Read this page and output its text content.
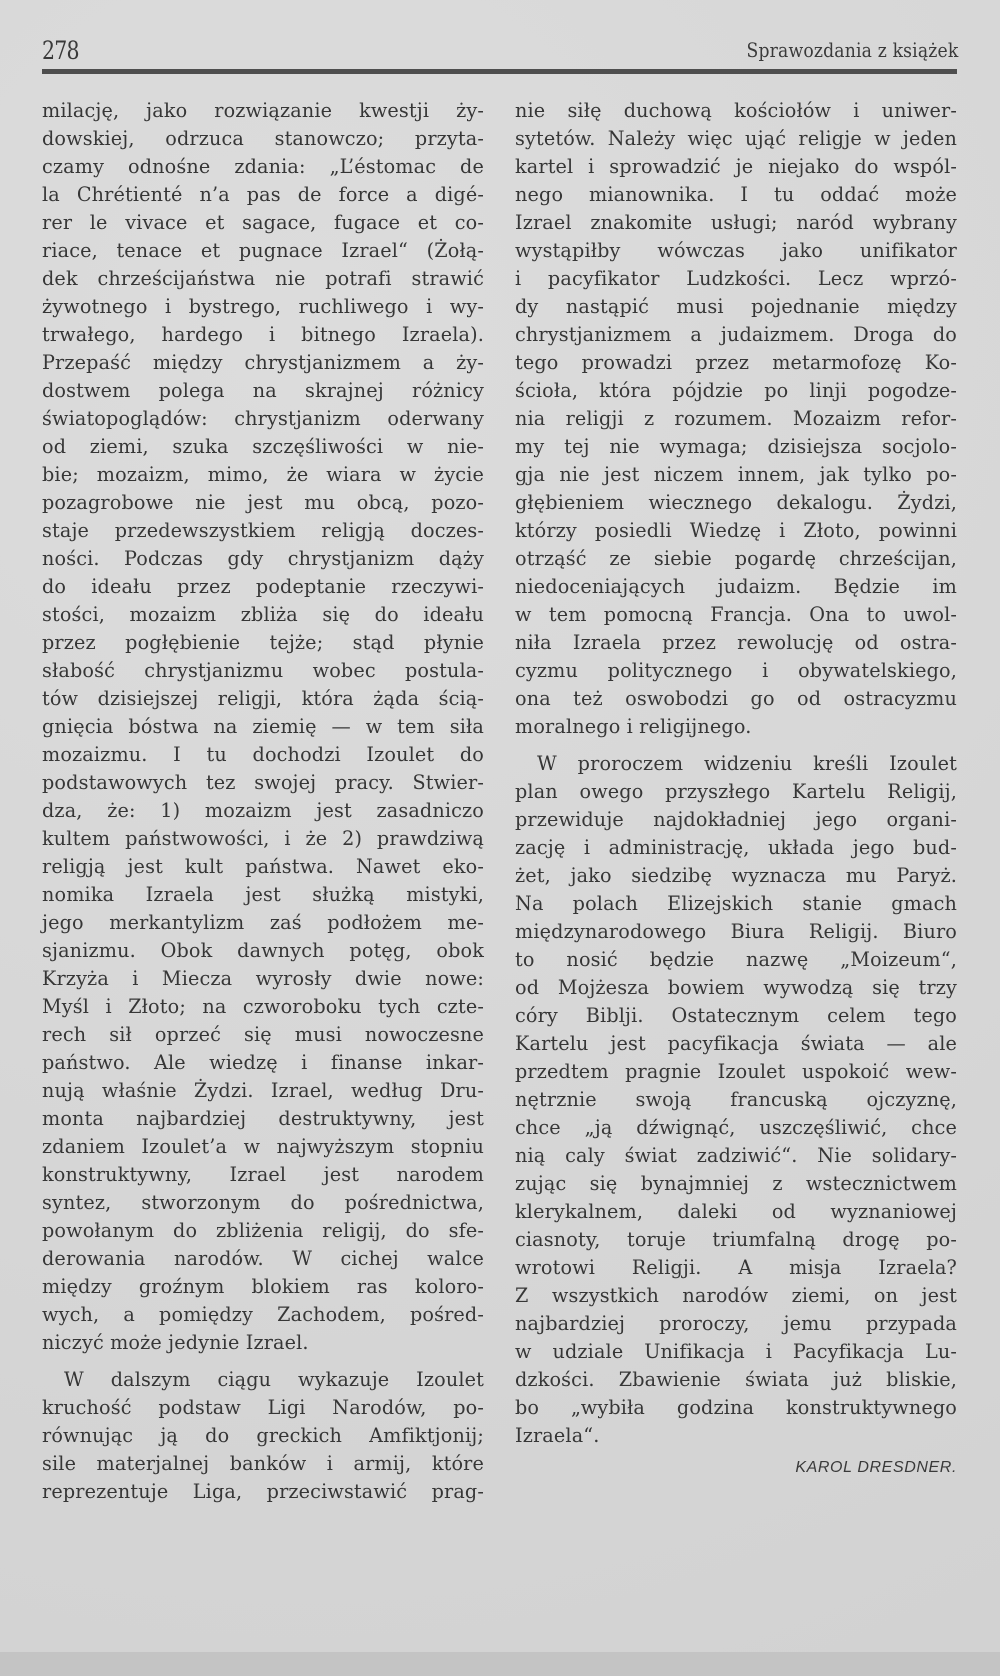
278	Sprawozdania z książek
milację, jako rozwiązanie kwestji ży-
dowskiej, odrzuca stanowczo; przyta-
czamy odnośne zdania: „L’éstomac de
la Chrétienté n’a pas de force a digé-
rer le vivace et sagace, fugace et co-
riace, tenace et pugnace Izrael“ (Żołą-
dek chrześcijaństwa nie potrafi strawić
żywotnego i bystrego, ruchliwego i wy-
trwałego, hardego i bitnego Izraela).
Przepaść między chrystjanizmem a ży-
dostwem polega na skrajnej różnicy
światopoglądów: chrystjanizm oderwany
od ziemi, szuka szczęśliwości w nie-
bie; mozaizm, mimo, że wiara w życie
pozagrobowe nie jest mu obcą, pozo-
staje przedewszystkiem religją doczes-
ności. Podczas gdy chrystjanizm dąży
do ideału przez podeptanie rzeczywi-
stości, mozaizm zbliża się do ideału
przez pogłębienie tejże; stąd płynie
słabość chrystjanizmu wobec postula-
tów dzisiejszej religji, która żąda ścią-
gnięcia bóstwa na ziemię — w tem siła
mozaizmu. I tu dochodzi Izoulet do
podstawowych tez swojej pracy. Stwier-
dza, że: 1) mozaizm jest zasadniczo
kultem państwowości, i że 2) prawdziwą
religją jest kult państwa. Nawet eko-
nomika Izraela jest służką mistyki,
jego merkantylizm zaś podłożem me-
sjanizmu. Obok dawnych potęg, obok
Krzyża i Miecza wyrosły dwie nowe:
Myśl i Złoto; na czworoboku tych czte-
rech sił oprzeć się musi nowoczesne
państwo. Ale wiedzę i finanse inkar-
nują właśnie Żydzi. Izrael, według Dru-
monta najbardziej destruktywny, jest
zdaniem Izoulet’a w najwyższym stopniu
konstruktywny, Izrael jest narodem
syntez, stworzonym do pośrednictwa,
powołanym do zbliżenia religij, do sfe-
derowania narodów. W cichej walce
między groźnym blokiem ras koloro-
wych, a pomiędzy Zachodem, pośred-
niczyć może jedynie Izrael.
W dalszym ciągu wykazuje Izoulet
kruchość podstaw Ligi Narodów, po-
równując ją do greckich Amfiktjonij;
sile materjalnej banków i armij, które
reprezentuje Liga, przeciwstawić prag-
nie siłę duchową kościołów i uniwer-
sytetów. Należy więc ująć religje w jeden
kartel i sprowadzić je niejako do wspól-
nego mianownika. I tu oddać może
Izrael znakomite usługi; naród wybrany
wystąpiłby wówczas jako unifikator
i pacyfikator Ludzkości. Lecz wprzó-
dy nastąpić musi pojednanie między
chrystjanizmem a judaizmem. Droga do
tego prowadzi przez metarmofozę Ko-
ścioła, która pójdzie po linji pogodze-
nia religji z rozumem. Mozaizm refor-
my tej nie wymaga; dzisiejsza socjolo-
gja nie jest niczem innem, jak tylko po-
głębieniem wiecznego dekalogu. Żydzi,
którzy posiedli Wiedzę i Złoto, powinni
otrząść ze siebie pogardę chrześcijan,
niedoceniających judaizm. Będzie im
w tem pomocną Francja. Ona to uwol-
niła Izraela przez rewolucję od ostra-
cyzmu politycznego i obywatelskiego,
ona też oswobodzi go od ostracyzmu
moralnego i religijnego.
W proroczem widzeniu kreśli Izoulet
plan owego przyszłego Kartelu Religij,
przewiduje najdokładniej jego organi-
zację i administrację, układa jego bud-
żet, jako siedzibę wyznacza mu Paryż.
Na polach Elizejskich stanie gmach
międzynarodowego Biura Religij. Biuro
to nosić będzie nazwę „Moizeum“,
od Mojżesza bowiem wywodzą się trzy
córy Biblji. Ostatecznym celem tego
Kartelu jest pacyfikacja świata — ale
przedtem pragnie Izoulet uspokoić wew-
nętrznie swoją francuską ojczyznę,
chce „ją dźwignąć, uszczęśliwić, chce
nią caly świat zadziwić“. Nie solidary-
zując się bynajmniej z wstecznictwem
klerykalnem, daleki od wyznaniowej
ciasnoty, toruje triumfalną drogę po-
wrotowi Religji. A misja Izraela?
Z wszystkich narodów ziemi, on jest
najbardziej proroczy, jemu przypada
w udziale Unifikacja i Pacyfikacja Lu-
dzkości. Zbawienie świata już bliskie,
bo „wybiła godzina konstruktywnego
Izraela“.
KAROL DRESDNER.
